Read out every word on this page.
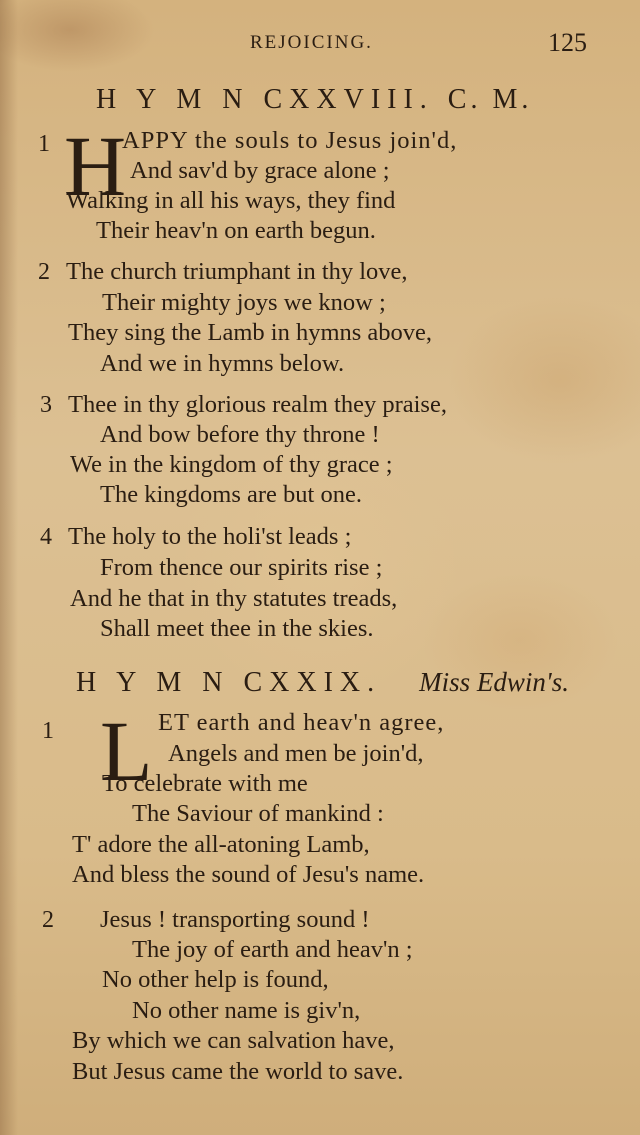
REJOICING.	125
H Y M N CXXVIII. C. M.
1 H
APPY the souls to Jesus join'd,
And sav'd by grace alone ;
Walking in all his ways, they find
Their heav'n on earth begun.
2 The church triumphant in thy love,
Their mighty joys we know ;
They sing the Lamb in hymns above,
And we in hymns below.
3 Thee in thy glorious realm they praise,
And bow before thy throne !
We in the kingdom of thy grace ;
The kingdoms are but one.
4 The holy to the holi'st leads ;
From thence our spirits rise ;
And he that in thy statutes treads,
Shall meet thee in the skies.
H Y M N CXXIX. Miss Edwin's.
1 L ET earth and heav'n agree,
Angels and men be join'd,
To celebrate with me
The Saviour of mankind :
T' adore the all-atoning Lamb,
And bless the sound of Jesu's name.
2 Jesus ! transporting sound !
The joy of earth and heav'n ;
No other help is found,
No other name is giv'n,
By which we can salvation have,
But Jesus came the world to save.
